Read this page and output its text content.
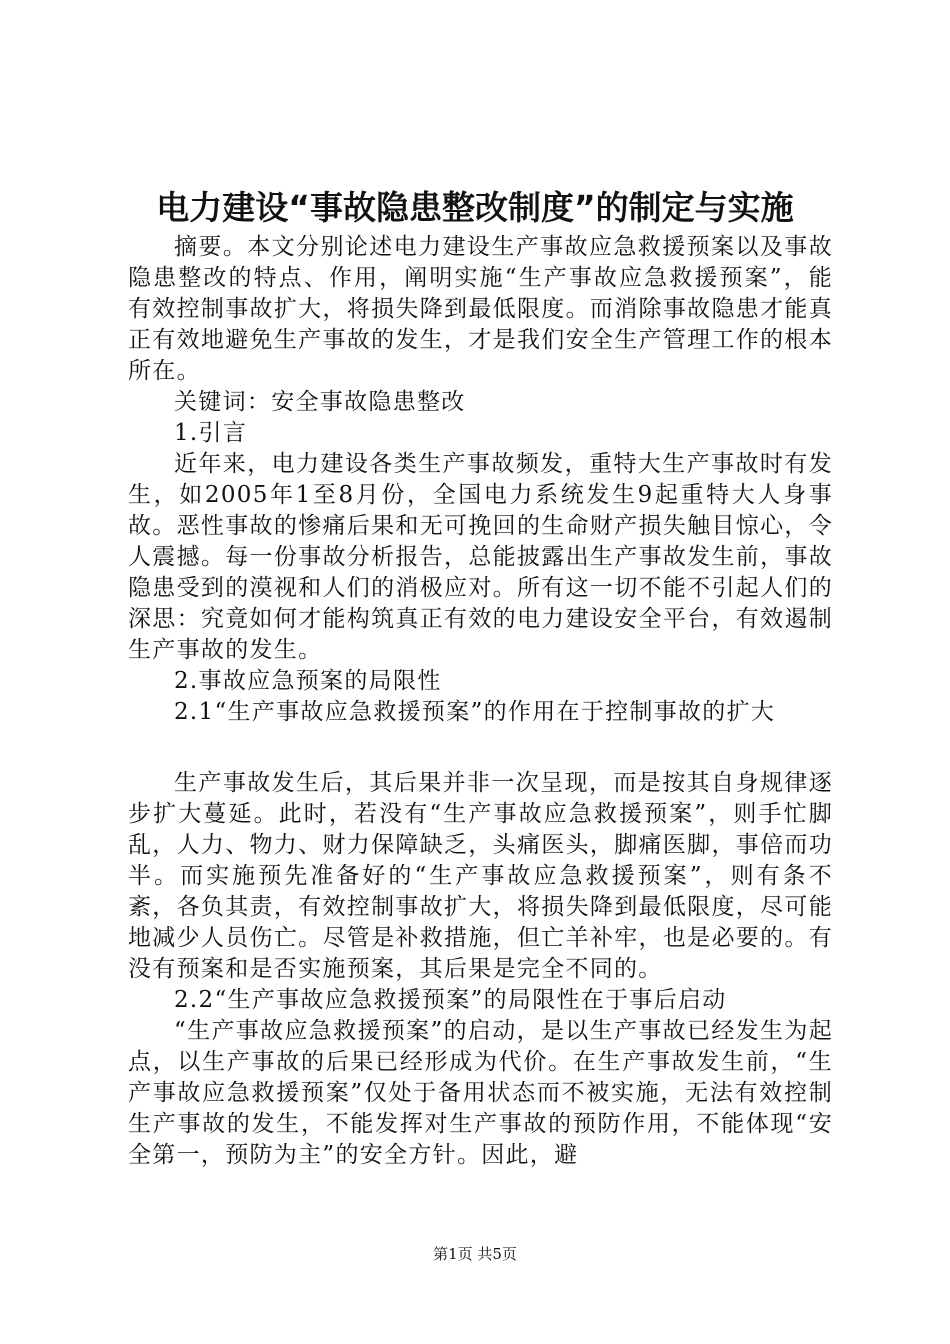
电力建设“事故隐患整改制度”的制定与实施

摘要。本文分别论述电力建设生产事故应急救援预案以及事故隐患整改的特点、作用，阐明实施“生产事故应急救援预案”，能有效控制事故扩大，将损失降到最低限度。而消除事故隐患才能真正有效地避免生产事故的发生，才是我们安全生产管理工作的根本所在。

关键词：安全事故隐患整改

1.引言

近年来，电力建设各类生产事故频发，重特大生产事故时有发生，如2005年1至8月份，全国电力系统发生9起重特大人身事故。恶性事故的惨痛后果和无可挽回的生命财产损失触目惊心，令人震撼。每一份事故分析报告，总能披露出生产事故发生前，事故隐患受到的漠视和人们的消极应对。所有这一切不能不引起人们的深思：究竟如何才能构筑真正有效的电力建设安全平台，有效遏制生产事故的发生。

2.事故应急预案的局限性

2.1“生产事故应急救援预案”的作用在于控制事故的扩大

生产事故发生后，其后果并非一次呈现，而是按其自身规律逐步扩大蔓延。此时，若没有“生产事故应急救援预案”，则手忙脚乱，人力、物力、财力保障缺乏，头痛医头，脚痛医脚，事倍而功半。而实施预先准备好的“生产事故应急救援预案”，则有条不紊，各负其责，有效控制事故扩大，将损失降到最低限度，尽可能地减少人员伤亡。尽管是补救措施，但亡羊补牢，也是必要的。有没有预案和是否实施预案，其后果是完全不同的。

2.2“生产事故应急救援预案”的局限性在于事后启动

“生产事故应急救援预案”的启动，是以生产事故已经发生为起点，以生产事故的后果已经形成为代价。在生产事故发生前，“生产事故应急救援预案”仅处于备用状态而不被实施，无法有效控制生产事故的发生，不能发挥对生产事故的预防作用，不能体现“安全第一，预防为主”的安全方针。因此，避

第1页 共5页
